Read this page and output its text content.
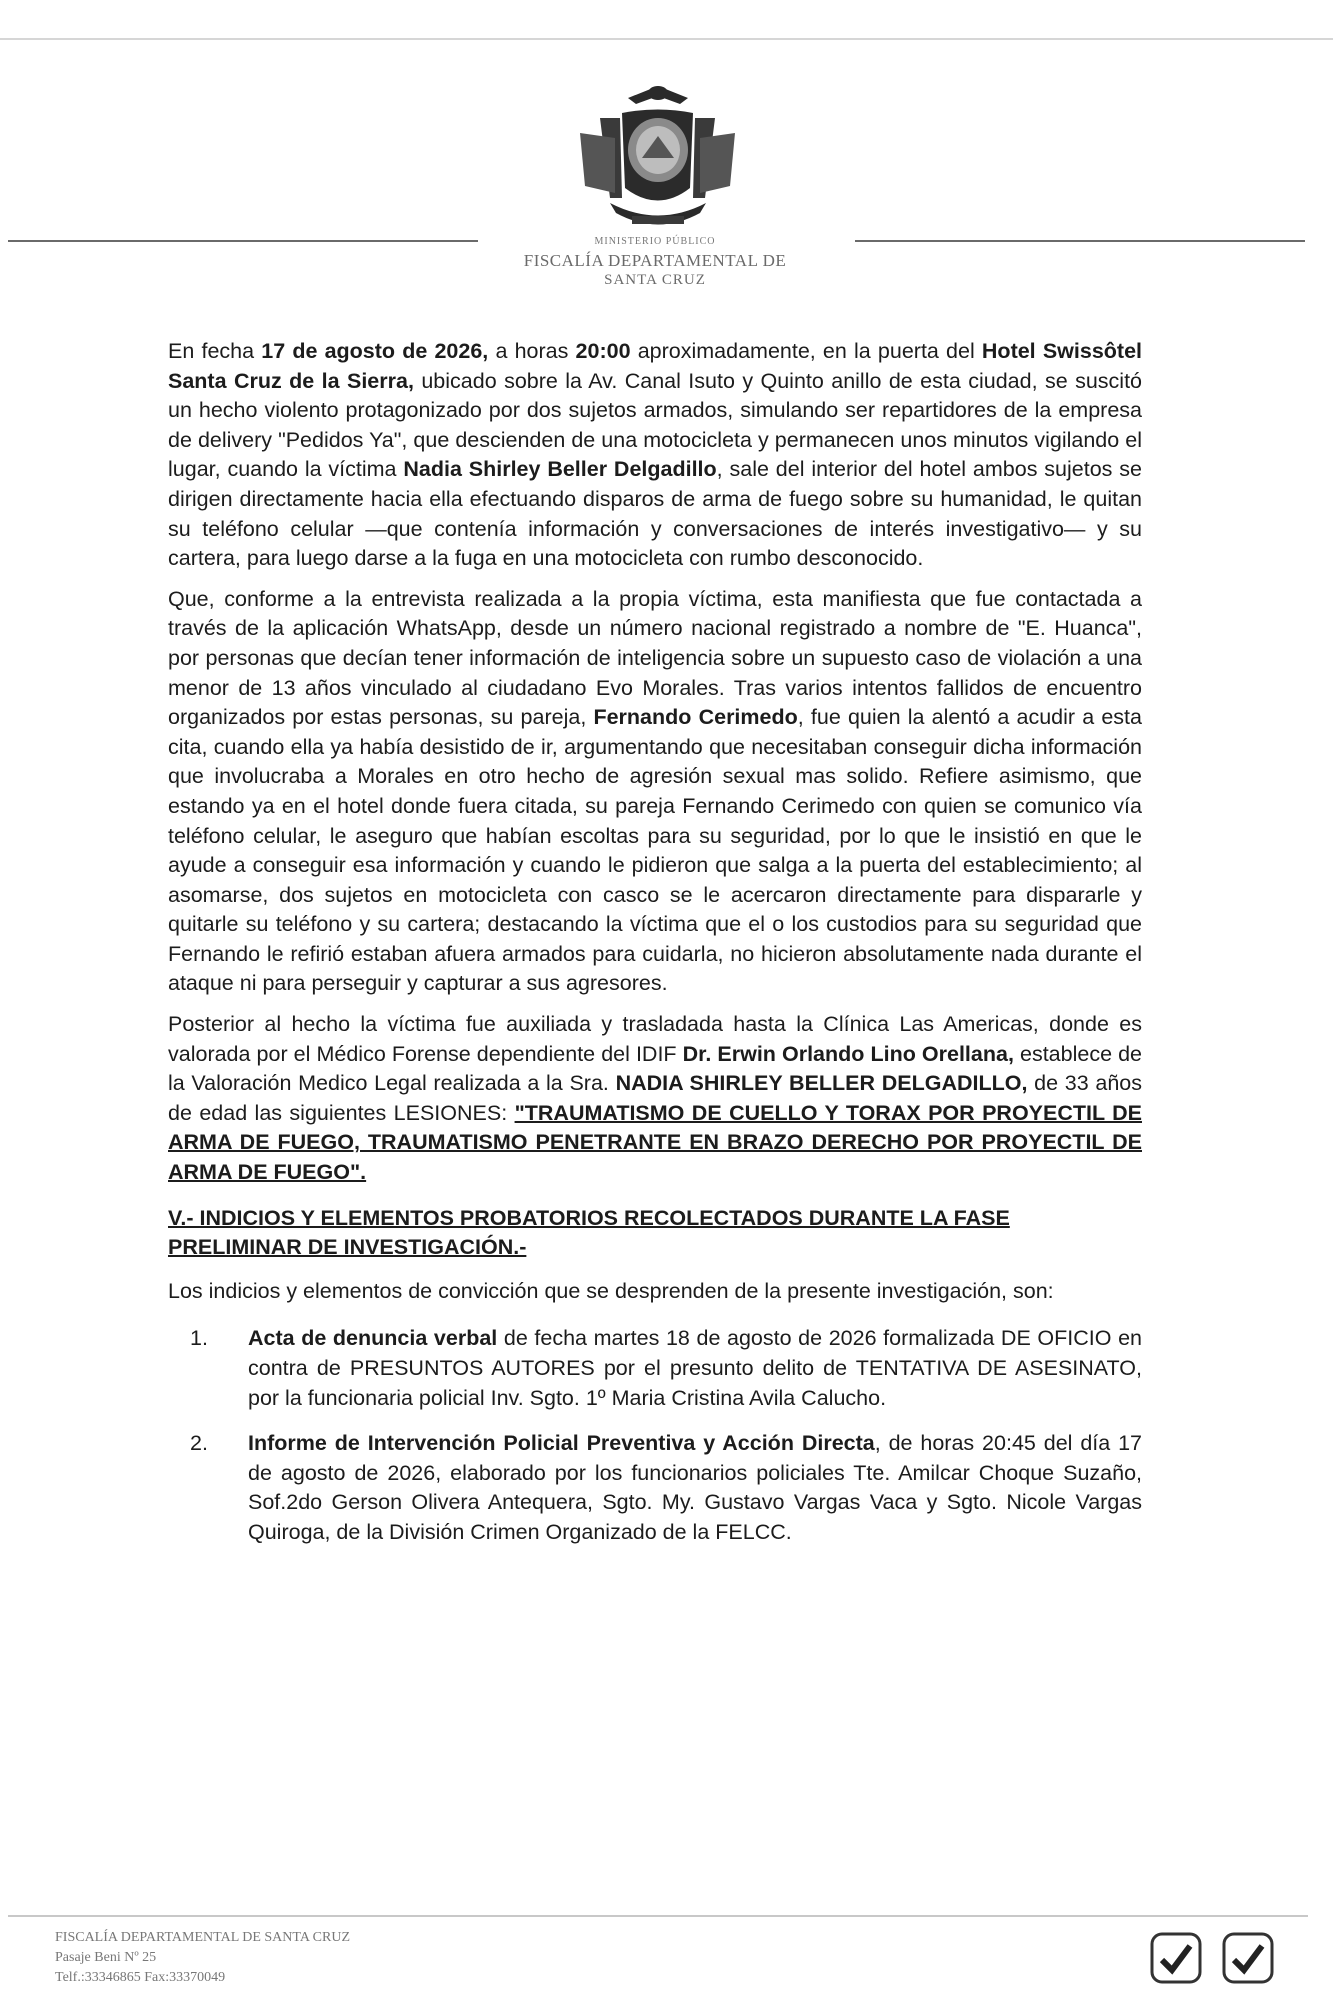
MINISTERIO PÚBLICO
FISCALÍA DEPARTAMENTAL DE
SANTA CRUZ

En fecha 17 de agosto de 2026, a horas 20:00 aproximadamente, en la puerta del Hotel Swissôtel Santa Cruz de la Sierra, ubicado sobre la Av. Canal Isuto y Quinto anillo de esta ciudad, se suscitó un hecho violento protagonizado por dos sujetos armados, simulando ser repartidores de la empresa de delivery "Pedidos Ya", que descienden de una motocicleta y permanecen unos minutos vigilando el lugar, cuando la víctima Nadia Shirley Beller Delgadillo, sale del interior del hotel ambos sujetos se dirigen directamente hacia ella efectuando disparos de arma de fuego sobre su humanidad, le quitan su teléfono celular —que contenía información y conversaciones de interés investigativo— y su cartera, para luego darse a la fuga en una motocicleta con rumbo desconocido.

Que, conforme a la entrevista realizada a la propia víctima, esta manifiesta que fue contactada a través de la aplicación WhatsApp, desde un número nacional registrado a nombre de "E. Huanca", por personas que decían tener información de inteligencia sobre un supuesto caso de violación a una menor de 13 años vinculado al ciudadano Evo Morales. Tras varios intentos fallidos de encuentro organizados por estas personas, su pareja, Fernando Cerimedo, fue quien la alentó a acudir a esta cita, cuando ella ya había desistido de ir, argumentando que necesitaban conseguir dicha información que involucraba a Morales en otro hecho de agresión sexual mas solido. Refiere asimismo, que estando ya en el hotel donde fuera citada, su pareja Fernando Cerimedo con quien se comunico vía teléfono celular, le aseguro que habían escoltas para su seguridad, por lo que le insistió en que le ayude a conseguir esa información y cuando le pidieron que salga a la puerta del establecimiento; al asomarse, dos sujetos en motocicleta con casco se le acercaron directamente para dispararle y quitarle su teléfono y su cartera; destacando la víctima que el o los custodios para su seguridad que Fernando le refirió estaban afuera armados para cuidarla, no hicieron absolutamente nada durante el ataque ni para perseguir y capturar a sus agresores.

Posterior al hecho la víctima fue auxiliada y trasladada hasta la Clínica Las Americas, donde es valorada por el Médico Forense dependiente del IDIF Dr. Erwin Orlando Lino Orellana, establece de la Valoración Medico Legal realizada a la Sra. NADIA SHIRLEY BELLER DELGADILLO, de 33 años de edad las siguientes LESIONES: "TRAUMATISMO DE CUELLO Y TORAX POR PROYECTIL DE ARMA DE FUEGO, TRAUMATISMO PENETRANTE EN BRAZO DERECHO POR PROYECTIL DE ARMA DE FUEGO".

V.- INDICIOS Y ELEMENTOS PROBATORIOS RECOLECTADOS DURANTE LA FASE PRELIMINAR DE INVESTIGACIÓN.-

Los indicios y elementos de convicción que se desprenden de la presente investigación, son:

1.	Acta de denuncia verbal de fecha martes 18 de agosto de 2026 formalizada DE OFICIO en contra de PRESUNTOS AUTORES por el presunto delito de TENTATIVA DE ASESINATO, por la funcionaria policial Inv. Sgto. 1º Maria Cristina Avila Calucho.
2.	Informe de Intervención Policial Preventiva y Acción Directa, de horas 20:45 del día 17 de agosto de 2026, elaborado por los funcionarios policiales Tte. Amilcar Choque Suzaño, Sof.2do Gerson Olivera Antequera, Sgto. My. Gustavo Vargas Vaca y Sgto. Nicole Vargas Quiroga, de la División Crimen Organizado de la FELCC.
FISCALÍA DEPARTAMENTAL DE SANTA CRUZ
Pasaje Beni Nº 25
Telf.:33346865 Fax:33370049
